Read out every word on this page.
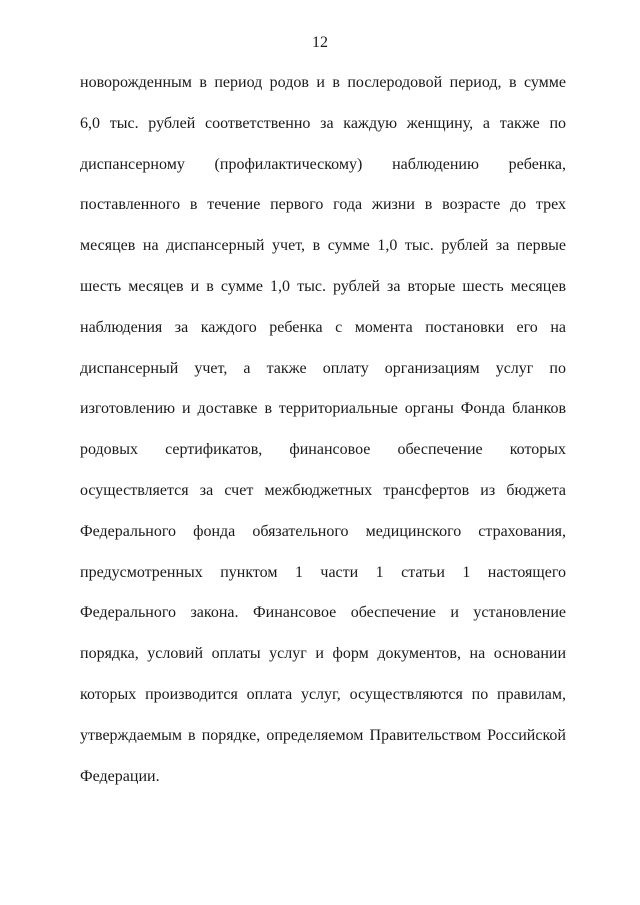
12
новорожденным в период родов и в послеродовой период, в сумме
6,0 тыс. рублей соответственно за каждую женщину, а также по
диспансерному (профилактическому) наблюдению ребенка,
поставленного в течение первого года жизни в возрасте до трех
месяцев на диспансерный учет, в сумме 1,0 тыс. рублей за первые
шесть месяцев и в сумме 1,0 тыс. рублей за вторые шесть месяцев
наблюдения за каждого ребенка с момента постановки его на
диспансерный учет, а также оплату организациям услуг по
изготовлению и доставке в территориальные органы Фонда бланков
родовых сертификатов, финансовое обеспечение которых
осуществляется за счет межбюджетных трансфертов из бюджета
Федерального фонда обязательного медицинского страхования,
предусмотренных пунктом 1 части 1 статьи 1 настоящего
Федерального закона. Финансовое обеспечение и установление
порядка, условий оплаты услуг и форм документов, на основании
которых производится оплата услуг, осуществляются по правилам,
утверждаемым в порядке, определяемом Правительством Российской
Федерации.
